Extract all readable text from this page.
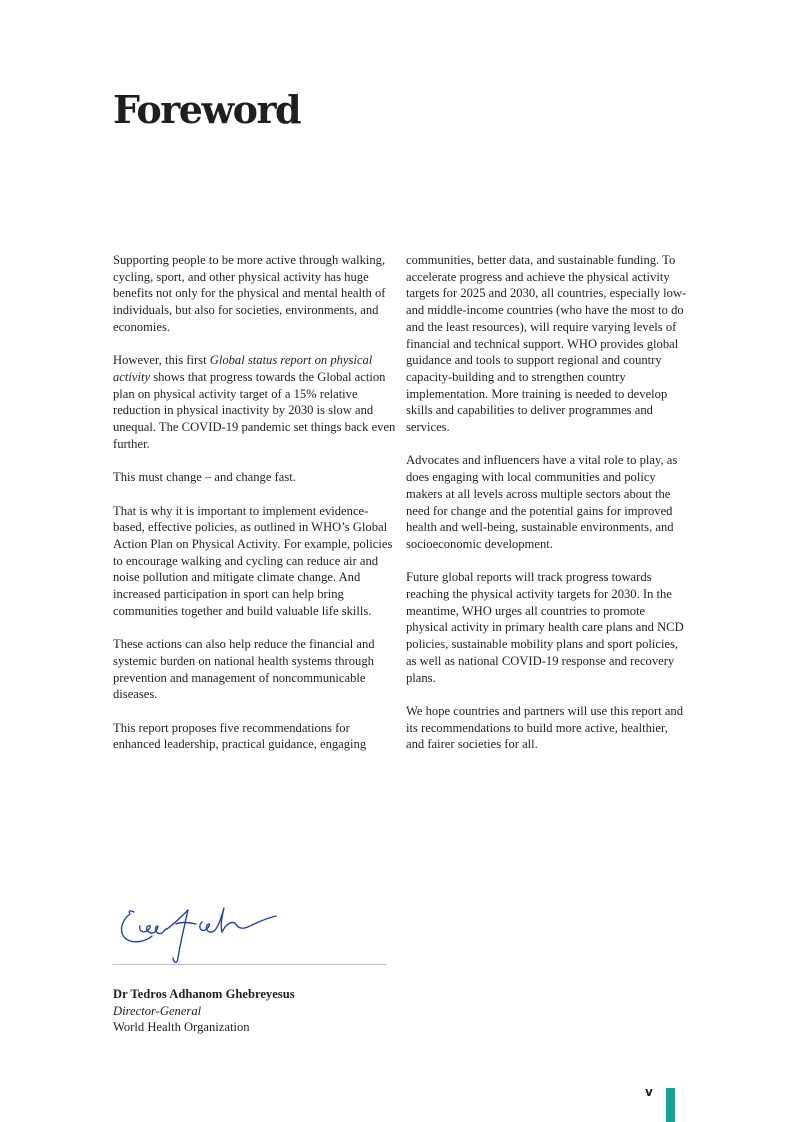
Foreword

Supporting people to be more active through walking, cycling, sport, and other physical activity has huge benefits not only for the physical and mental health of individuals, but also for societies, environments, and economies.

However, this first Global status report on physical activity shows that progress towards the Global action plan on physical activity target of a 15% relative reduction in physical inactivity by 2030 is slow and unequal. The COVID-19 pandemic set things back even further.

This must change – and change fast.

That is why it is important to implement evidence-based, effective policies, as outlined in WHO’s Global Action Plan on Physical Activity. For example, policies to encourage walking and cycling can reduce air and noise pollution and mitigate climate change. And increased participation in sport can help bring communities together and build valuable life skills.

These actions can also help reduce the financial and systemic burden on national health systems through prevention and management of noncommunicable diseases.

This report proposes five recommendations for enhanced leadership, practical guidance, engaging

communities, better data, and sustainable funding. To accelerate progress and achieve the physical activity targets for 2025 and 2030, all countries, especially low- and middle-income countries (who have the most to do and the least resources), will require varying levels of financial and technical support. WHO provides global guidance and tools to support regional and country capacity-building and to strengthen country implementation. More training is needed to develop skills and capabilities to deliver programmes and services.

Advocates and influencers have a vital role to play, as does engaging with local communities and policy makers at all levels across multiple sectors about the need for change and the potential gains for improved health and well-being, sustainable environments, and socioeconomic development.

Future global reports will track progress towards reaching the physical activity targets for 2030. In the meantime, WHO urges all countries to promote physical activity in primary health care plans and NCD policies, sustainable mobility plans and sport policies, as well as national COVID-19 response and recovery plans.

We hope countries and partners will use this report and its recommendations to build more active, healthier, and fairer societies for all.

Dr Tedros Adhanom Ghebreyesus
Director-General
World Health Organization
v
